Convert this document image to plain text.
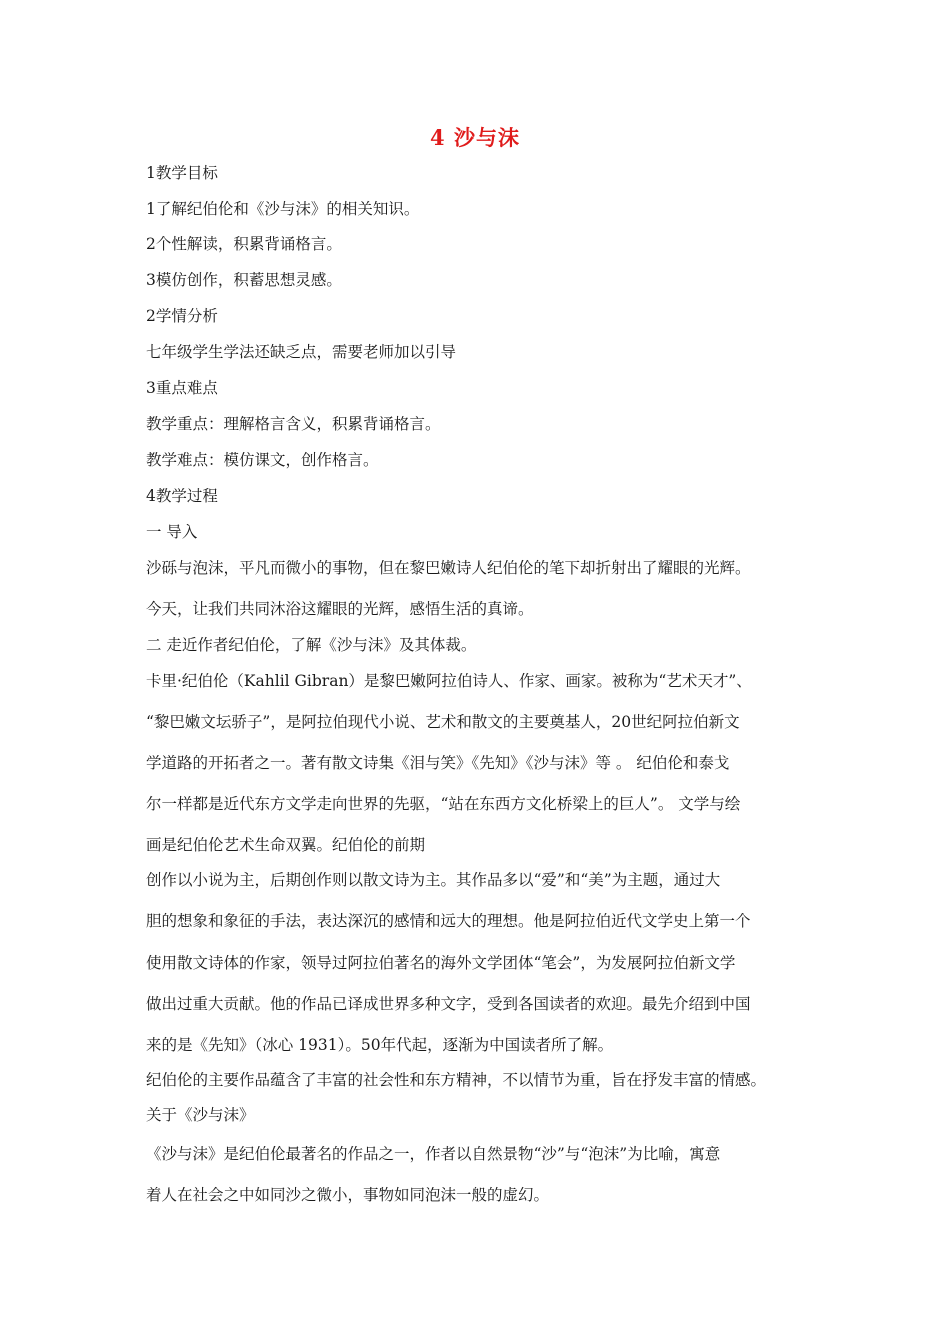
4 沙与沫
1教学目标
1了解纪伯伦和《沙与沫》的相关知识。
2个性解读，积累背诵格言。
3模仿创作，积蓄思想灵感。
2学情分析
七年级学生学法还缺乏点，需要老师加以引导
3重点难点
教学重点：理解格言含义，积累背诵格言。
教学难点：模仿课文，创作格言。
4教学过程
一 导入
沙砾与泡沫，平凡而微小的事物，但在黎巴嫩诗人纪伯伦的笔下却折射出了耀眼的光辉。
今天，让我们共同沐浴这耀眼的光辉，感悟生活的真谛。
二 走近作者纪伯伦，了解《沙与沫》及其体裁。
卡里·纪伯伦（Kahlil Gibran）是黎巴嫩阿拉伯诗人、作家、画家。被称为“艺术天才”、
“黎巴嫩文坛骄子”，是阿拉伯现代小说、艺术和散文的主要奠基人，20世纪阿拉伯新文
学道路的开拓者之一。著有散文诗集《泪与笑》《先知》《沙与沫》等 。 纪伯伦和泰戈
尔一样都是近代东方文学走向世界的先驱，“站在东西方文化桥梁上的巨人”。 文学与绘
画是纪伯伦艺术生命双翼。纪伯伦的前期
创作以小说为主，后期创作则以散文诗为主。其作品多以“爱”和“美”为主题，通过大
胆的想象和象征的手法，表达深沉的感情和远大的理想。他是阿拉伯近代文学史上第一个
使用散文诗体的作家，领导过阿拉伯著名的海外文学团体“笔会”，为发展阿拉伯新文学
做出过重大贡献。他的作品已译成世界多种文字，受到各国读者的欢迎。最先介绍到中国
来的是《先知》（冰心 1931）。50年代起，逐渐为中国读者所了解。
纪伯伦的主要作品蕴含了丰富的社会性和东方精神，不以情节为重，旨在抒发丰富的情感。
关于《沙与沫》
《沙与沫》是纪伯伦最著名的作品之一，作者以自然景物“沙”与“泡沫”为比喻，寓意
着人在社会之中如同沙之微小，事物如同泡沫一般的虚幻。
